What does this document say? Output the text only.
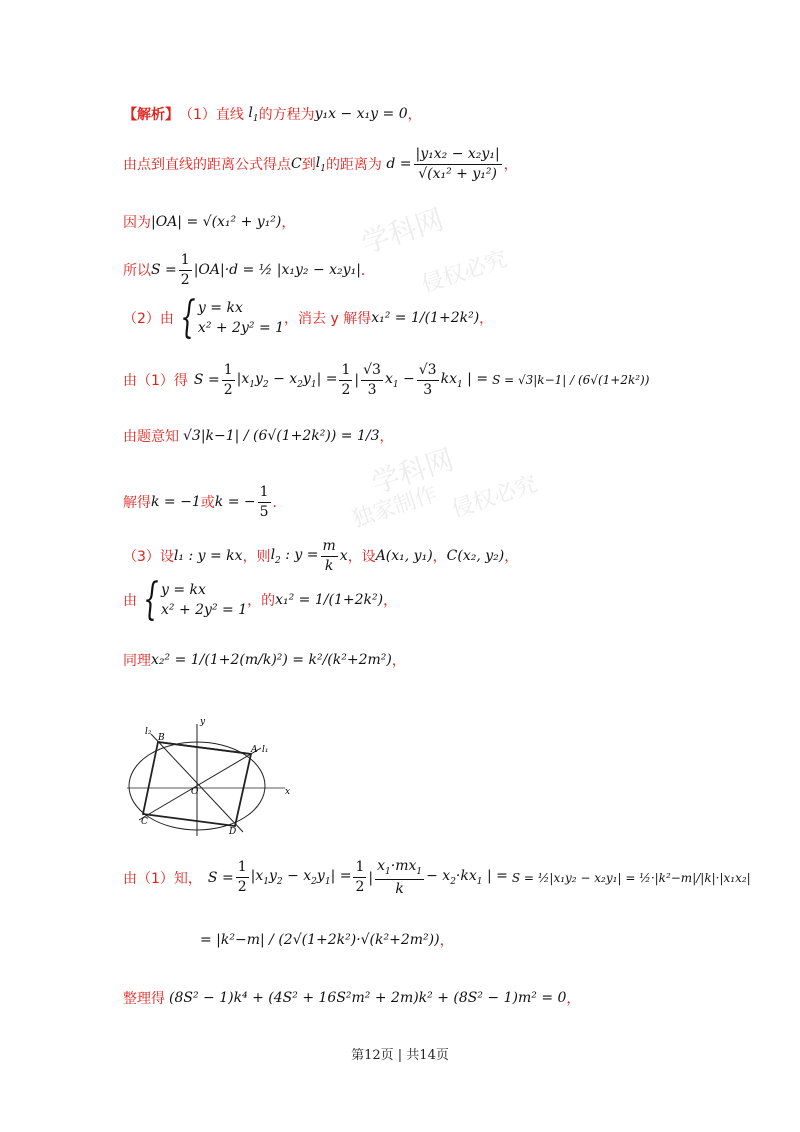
学科网
侵权必究
学科网
独家制作 侵权必究
【解析】 （1）直线 $l_1$ 的方程为 y₁x − x₁y = 0 ，
由点到直线的距离公式得点 C 到 $l_1$ 的距离为 $d = \frac{\text{|y₁x₂ − x₂y₁|}}{\text{√(x₁² + y₁²)}}$ ，
因为 |OA| = √(x₁² + y₁²) ，
所以 $S = \frac{1}{2} |OA|\cdot d$ = ½ |x₁y₂ − x₂y₁| ．
（2）由 { y = kx
x² + 2y² = 1
，消去 y 解得 x₁² = 1/(1+2k²) ，
由（1）得 $S = \frac{1}{2} |x_1y_2 - x_2y_1| = \frac{1}{2}$ | $\frac{√3}{3} x_1 - \frac{√3}{3} kx_1$ | = S = √3|k−1| / (6√(1+2k²))
由题意知 √3|k−1| / (6√(1+2k²)) = 1/3 ，
解得 k = −1 或 k = − $\frac{1}{5}$ ．
（3）设 l₁ : y = kx ，则 $l_2$ : $y = \frac{m}{k}$ x ，设 A(x₁, y₁) ， C(x₂, y₂) ，
由 { y = kx
x² + 2y² = 1
，的 x₁² = 1/(1+2k²) ，
同理 x₂² = 1/(1+2(m/k)²) = k²/(k²+2m²) ，
l₂
y
B
A l₁
O	x
C
D
由（1）知， $S = \frac{1}{2} |x_1y_2 - x_2y_1| = \frac{1}{2}$ | $\frac{x_1\cdot mx_1}{k} - x_2\cdot kx_1$ | = S = ½|x₁y₂ − x₂y₁| = ½·|k²−m|/|k|·|x₁x₂|
= |k²−m| / (2√(1+2k²)·√(k²+2m²)) ，
整理得 (8S² − 1)k⁴ + (4S² + 16S²m² + 2m)k² + (8S² − 1)m² = 0 ，
第12页 | 共14页
